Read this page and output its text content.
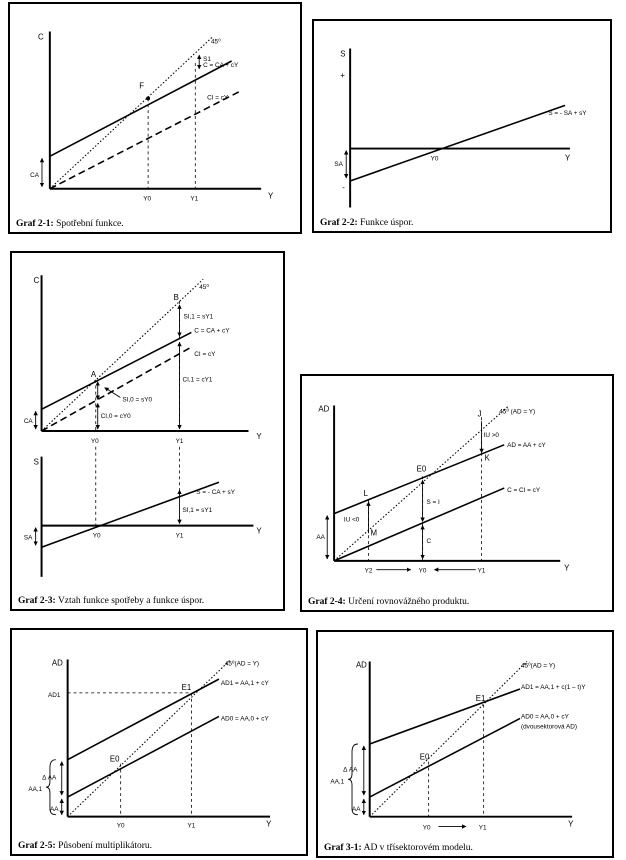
C
Y
45⁰
C = CA + cY
CI = cY
F
S1
CA
Y0	Y1
Graf 2-1: Spotřební funkce.
S
+
-
Y
S = - SA + sY
SA
Y0
Graf 2-2: Funkce úspor.
C
Y
45⁰
A
B
C = CA + cY
CI = cY
SI,1 = sY1
SI,0 = sY0
CI,0 = cY0
CI,1 = cY1
CA
Y0	Y1
S
Y
S = - CA + sY
SI,1 = sY1
SA	Y0	Y1
Graf 2-3: Vztah funkce spotřeby a funkce úspor.
AD
Y
45⁰ (AD = Y)
AD = AA + cY
C = CI = cY
J
K
E0
L
M
IU >0
IU <0
S = I
C
AA
Y2	Y0	Y1
Graf 2-4: Určení rovnovážného produktu.
AD
Y
AD1
45⁰(AD = Y)
AD1 = AA,1 + cY
AD0 = AA,0 + cY
E1
E0
Δ AA
AA,1
AA
Y0	Y1
Graf 2-5: Působení multiplikátoru.
AD
Y
45⁰(AD = Y)
AD1 = AA,1 + c(1 – t)Y
AD0 = AA,0 + cY
(dvousektorová AD)
E1
E0
Δ AA
AA,1
AA
Y0	Y1
Graf 3-1: AD v třísektorovém modelu.
